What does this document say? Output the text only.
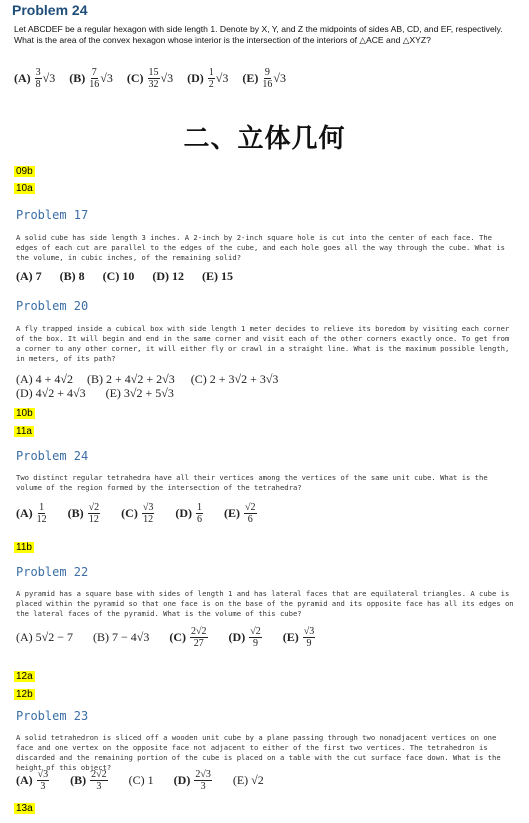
Problem 24
Let ABCDEF be a regular hexagon with side length 1. Denote by X, Y, and Z the midpoints of sides AB, CD, and EF, respectively. What is the area of the convex hexagon whose interior is the intersection of the interiors of △ACE and △XYZ?
$(A) \frac{3}{8} √3$ $(B) \frac{7}{16} √3$ $(C) \frac{15}{32} √3$ $(D) \frac{1}{2} √3$ $(E) \frac{9}{16} √3$
二、立体几何
09b
10a
Problem 17
A solid cube has side length 3 inches. A 2-inch by 2-inch square hole is cut into the center of each face. The edges of each cut are parallel to the edges of the cube, and each hole goes all the way through the cube. What is the volume, in cubic inches, of the remaining solid?
(A) 7 (B) 8 (C) 10 (D) 12 (E) 15
Problem 20
A fly trapped inside a cubical box with side length 1 meter decides to relieve its boredom by visiting each corner of the box. It will begin and end in the same corner and visit each of the other corners exactly once. To get from a corner to any other corner, it will either fly or crawl in a straight line. What is the maximum possible length, in meters, of its path?
(A) 4 + 4√2 (B) 2 + 4√2 + 2√3 (C) 2 + 3√2 + 3√3
(D) 4√2 + 4√3 (E) 3√2 + 5√3
10b
11a
Problem 24
Two distinct regular tetrahedra have all their vertices among the vertices of the same unit cube. What is the volume of the region formed by the intersection of the tetrahedra?
$(A) \frac{1}{12} (B) \frac{√2}{12} (C) \frac{√3}{12} (D) \frac{1}{6} (E) \frac{√2}{6}$
11b
Problem 22
A pyramid has a square base with sides of length 1 and has lateral faces that are equilateral triangles. A cube is placed within the pyramid so that one face is on the base of the pyramid and its opposite face has all its edges on the lateral faces of the pyramid. What is the volume of this cube?
(A) 5√2 − 7 (B) 7 − 4√3 $(C) \frac{2√2}{27} (D) \frac{√2}{9} (E) \frac{√3}{9}$
12a
12b
Problem 23
A solid tetrahedron is sliced off a wooden unit cube by a plane passing through two nonadjacent vertices on one face and one vertex on the opposite face not adjacent to either of the first two vertices. The tetrahedron is discarded and the remaining portion of the cube is placed on a table with the cut surface face down. What is the height of this object?
$(A) \frac{√3}{3} (B) \frac{2√2}{3} (C)$ 1 $(D) \frac{2√3}{3} (E)$ √2
13a
